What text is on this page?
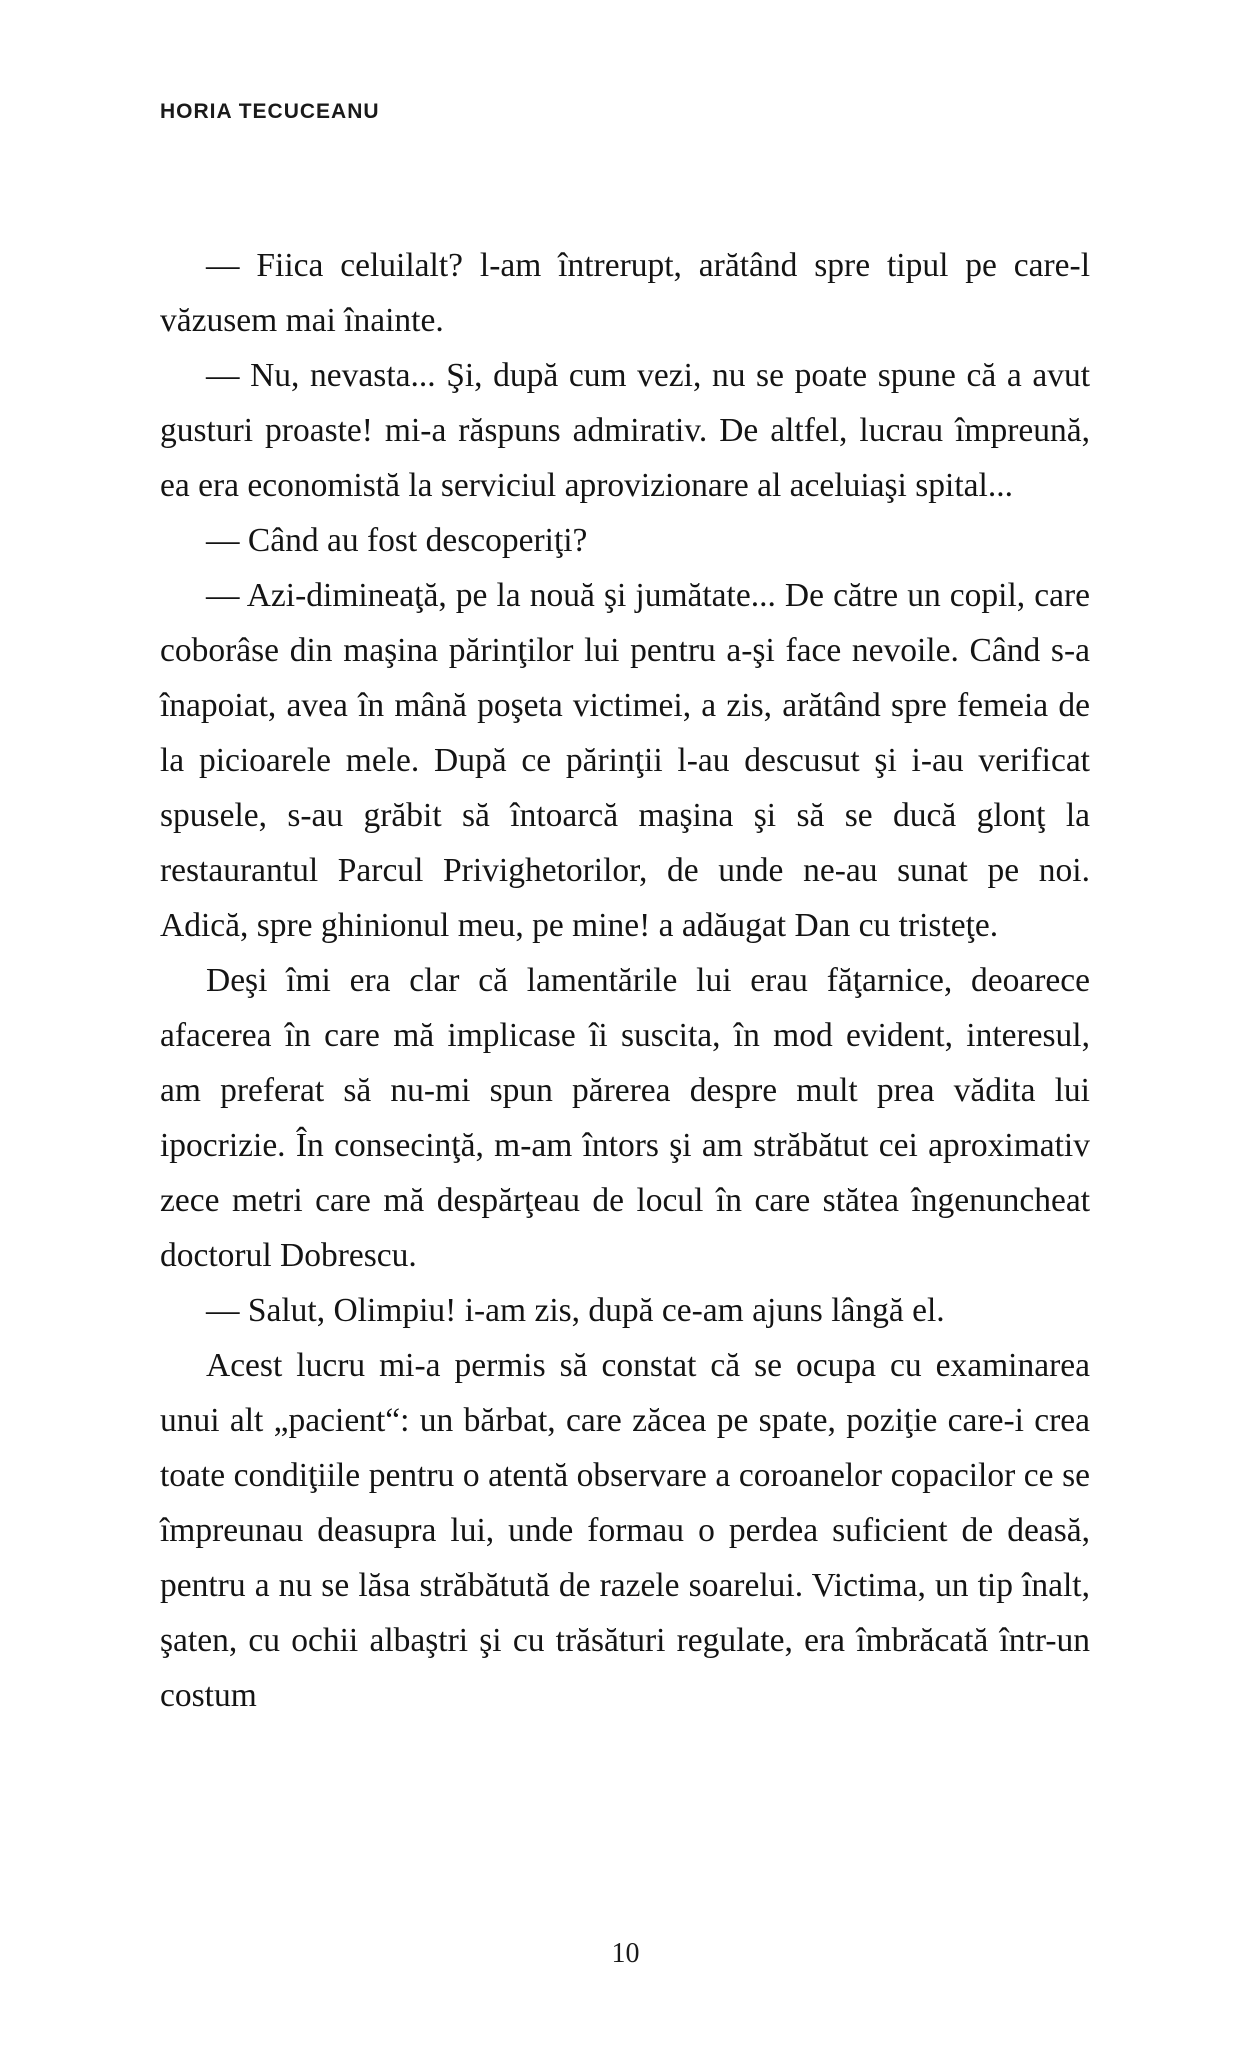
HORIA TECUCEANU

— Fiica celuilalt? l-am întrerupt, arătând spre tipul pe care-l văzusem mai înainte.

— Nu, nevasta... Şi, după cum vezi, nu se poate spune că a avut gusturi proaste! mi-a răspuns admirativ. De altfel, lucrau împreună, ea era economistă la serviciul aprovizionare al aceluiaşi spital...

— Când au fost descoperiţi?

— Azi-dimineaţă, pe la nouă şi jumătate... De către un copil, care coborâse din maşina părinţilor lui pentru a-şi face nevoile. Când s-a înapoiat, avea în mână poşeta victimei, a zis, arătând spre femeia de la picioarele mele. După ce părinţii l-au descusut şi i-au verificat spusele, s-au grăbit să întoarcă maşina şi să se ducă glonţ la restaurantul Parcul Privighetorilor, de unde ne-au sunat pe noi. Adică, spre ghinionul meu, pe mine! a adăugat Dan cu tristeţe.

Deşi îmi era clar că lamentările lui erau făţarnice, deoarece afacerea în care mă implicase îi suscita, în mod evident, interesul, am preferat să nu-mi spun părerea despre mult prea vădita lui ipocrizie. În consecinţă, m-am întors şi am străbătut cei aproximativ zece metri care mă despărţeau de locul în care stătea îngenuncheat doctorul Dobrescu.

— Salut, Olimpiu! i-am zis, după ce-am ajuns lângă el.

Acest lucru mi-a permis să constat că se ocupa cu examinarea unui alt „pacient“: un bărbat, care zăcea pe spate, poziţie care-i crea toate condiţiile pentru o atentă observare a coroanelor copacilor ce se împreunau deasupra lui, unde formau o perdea suficient de deasă, pentru a nu se lăsa străbătută de razele soarelui. Victima, un tip înalt, şaten, cu ochii albaştri şi cu trăsături regulate, era îmbrăcată într-un costum

10
